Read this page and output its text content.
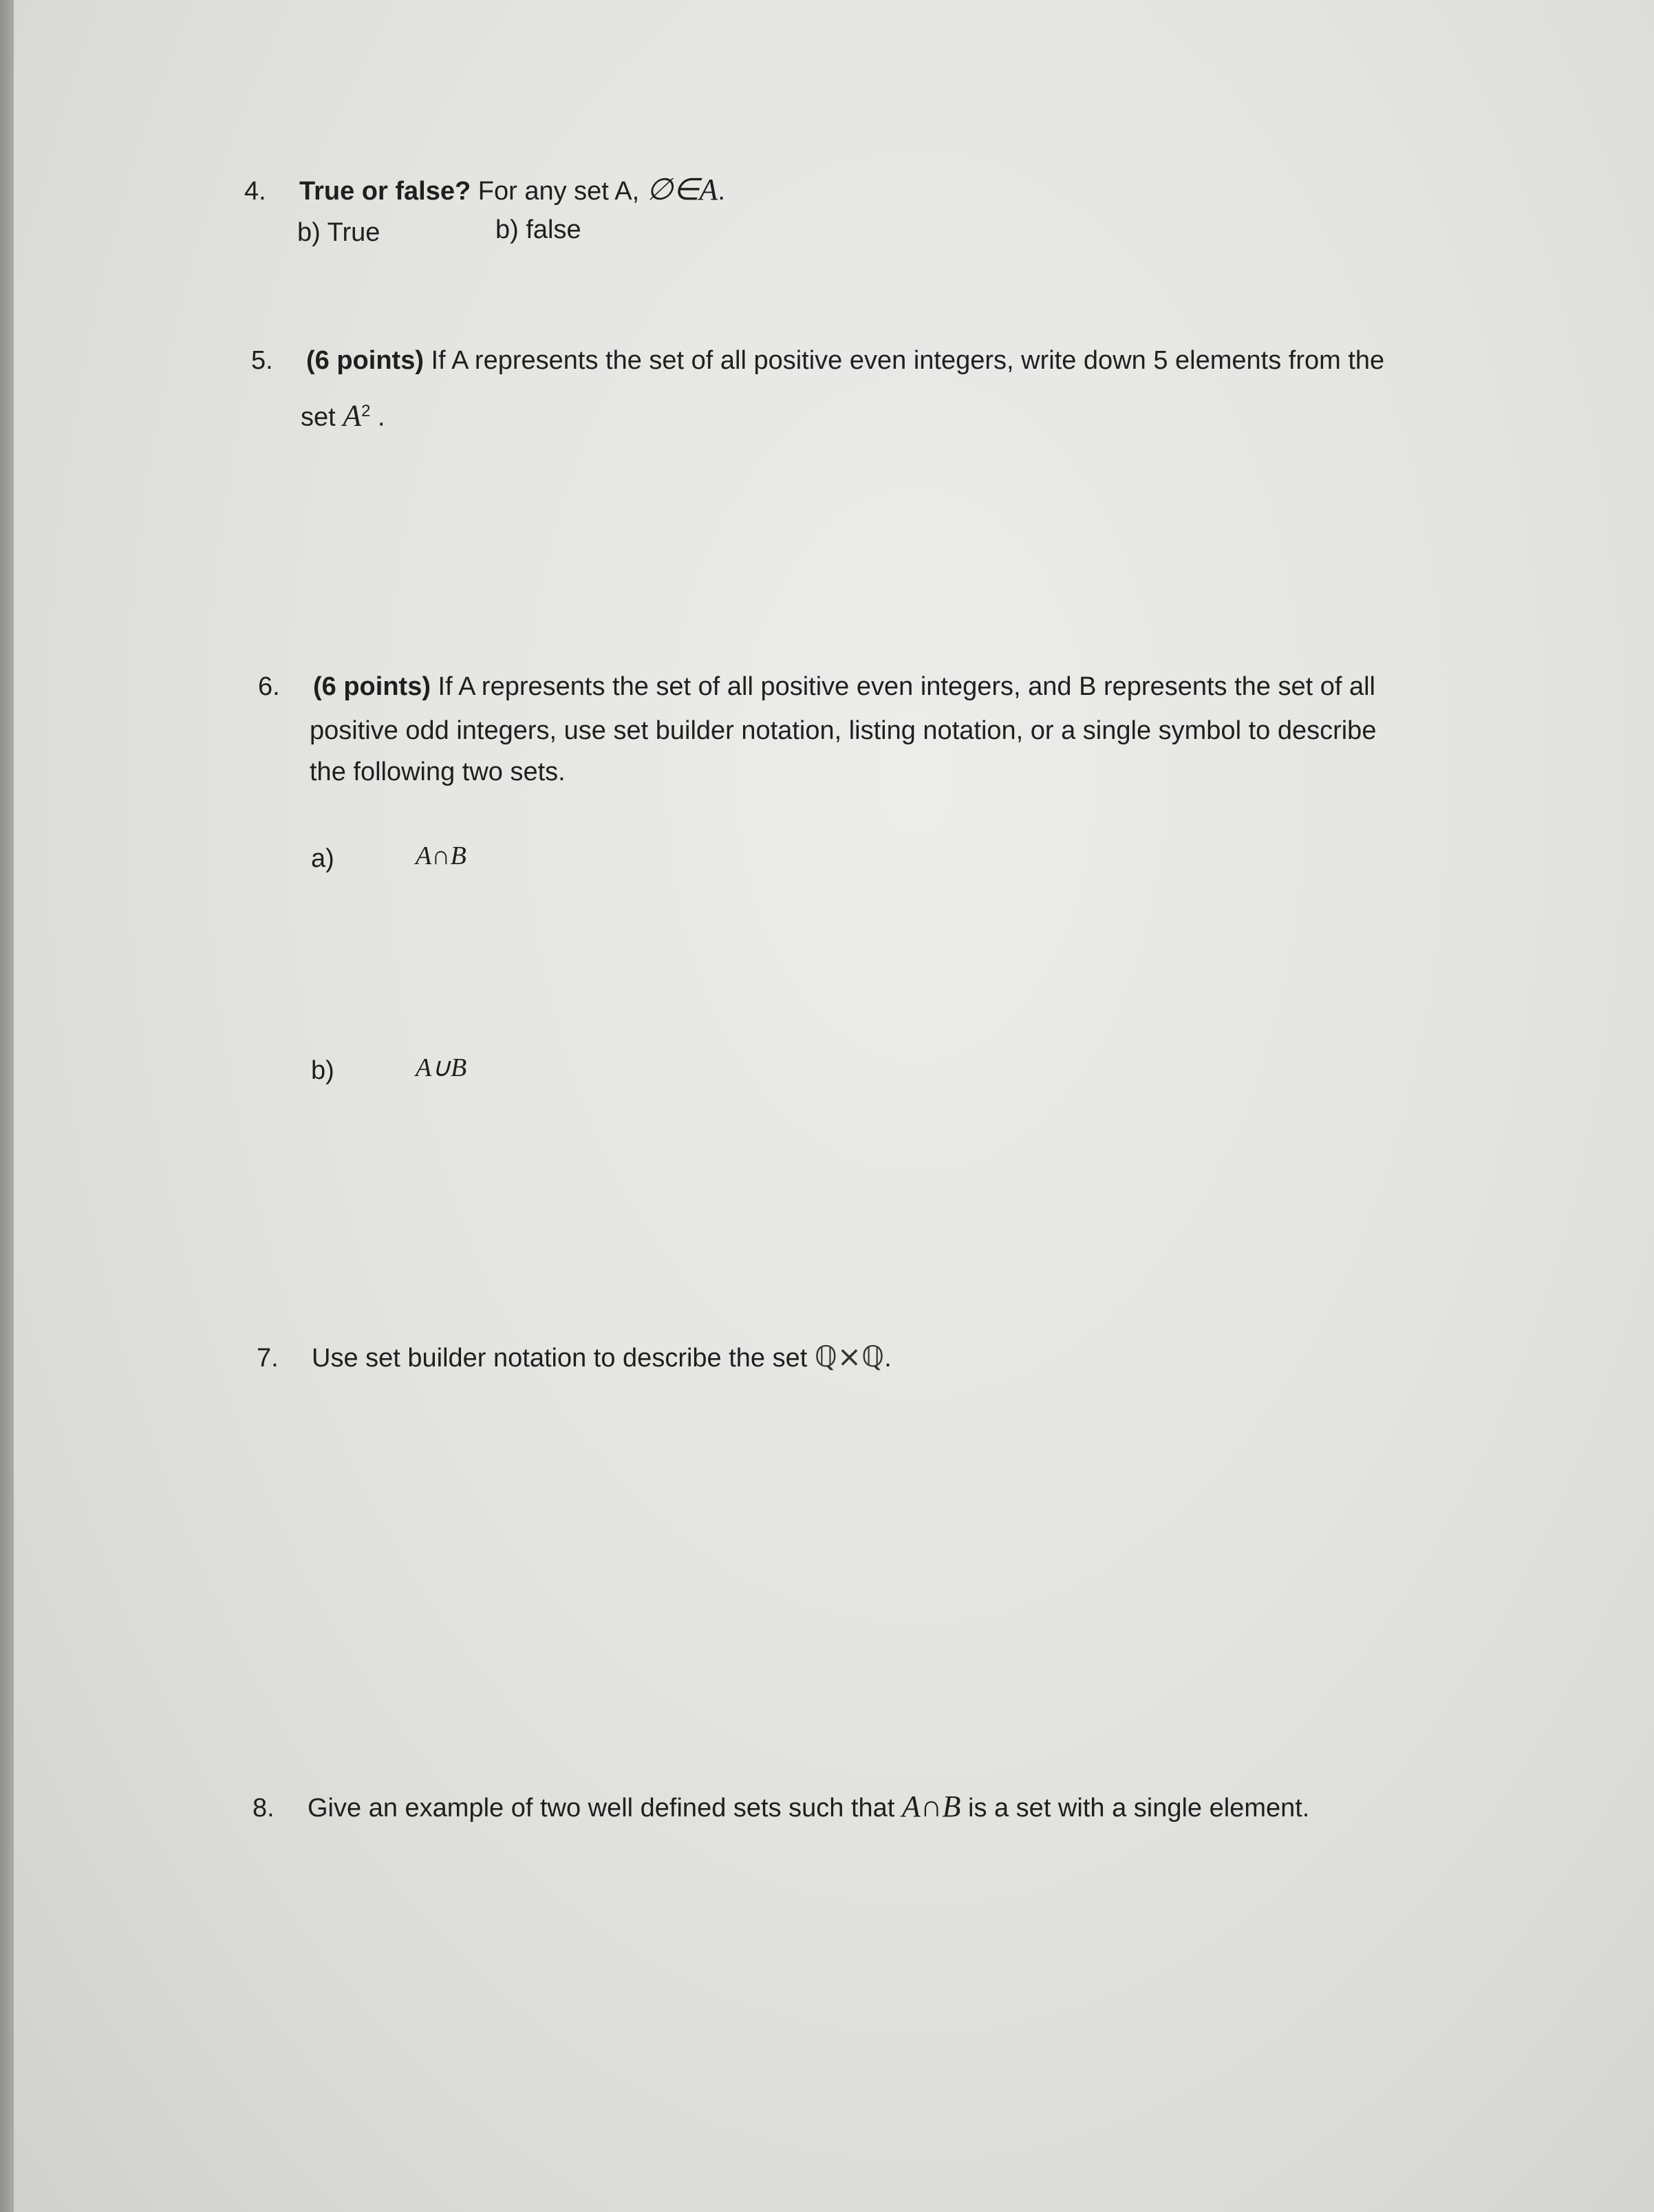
4. True or false? For any set A, ∅∈A.
b) True	b) false
5. (6 points) If A represents the set of all positive even integers, write down 5 elements from the
set $A^2$ .
6. (6 points) If A represents the set of all positive even integers, and B represents the set of all
positive odd integers, use set builder notation, listing notation, or a single symbol to describe
the following two sets.
a)	A∩B
b)	A∪B
7. Use set builder notation to describe the set ℚ×ℚ.
8. Give an example of two well defined sets such that A∩B is a set with a single element.
